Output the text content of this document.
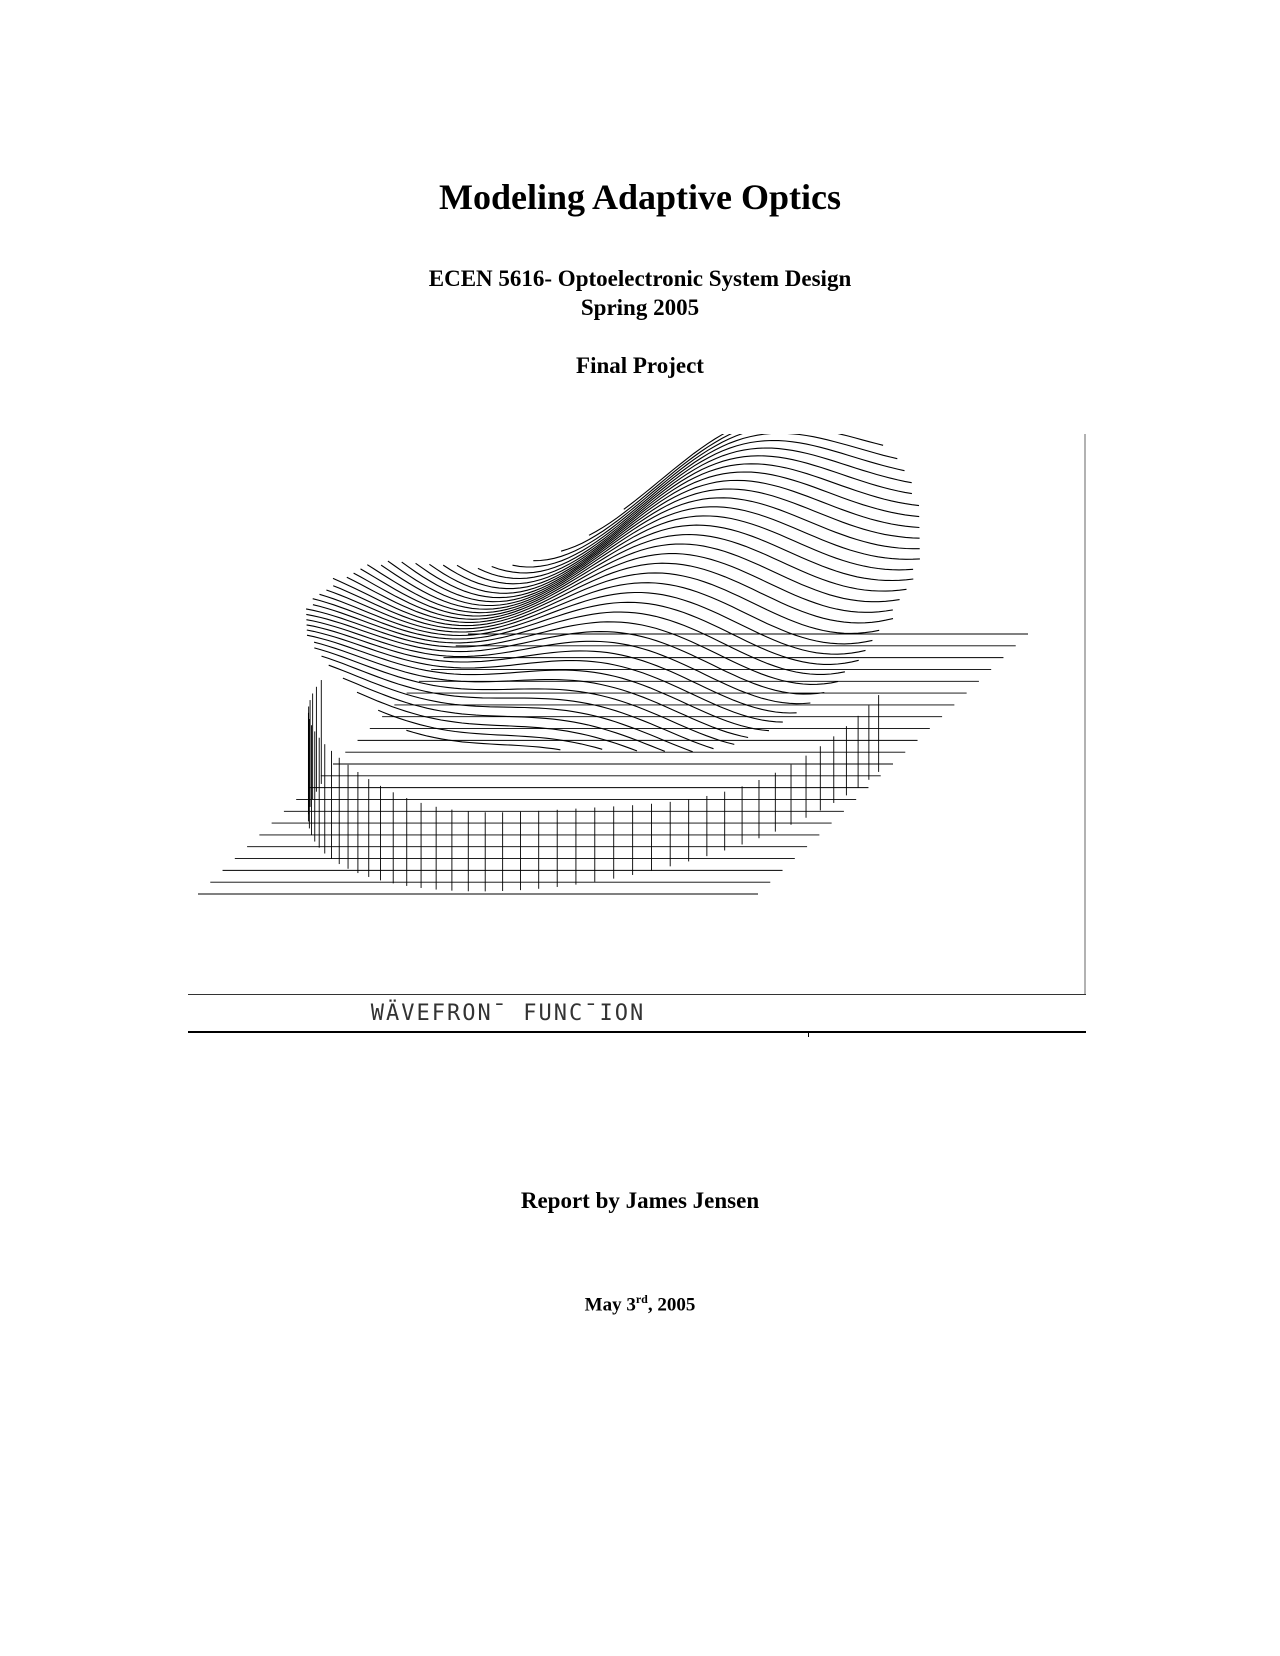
Modeling Adaptive Optics
ECEN 5616- Optoelectronic System Design
Spring 2005
Final Project
WÄVEFRON¯ FUNC¯ION
Report by James Jensen
May 3rd, 2005
